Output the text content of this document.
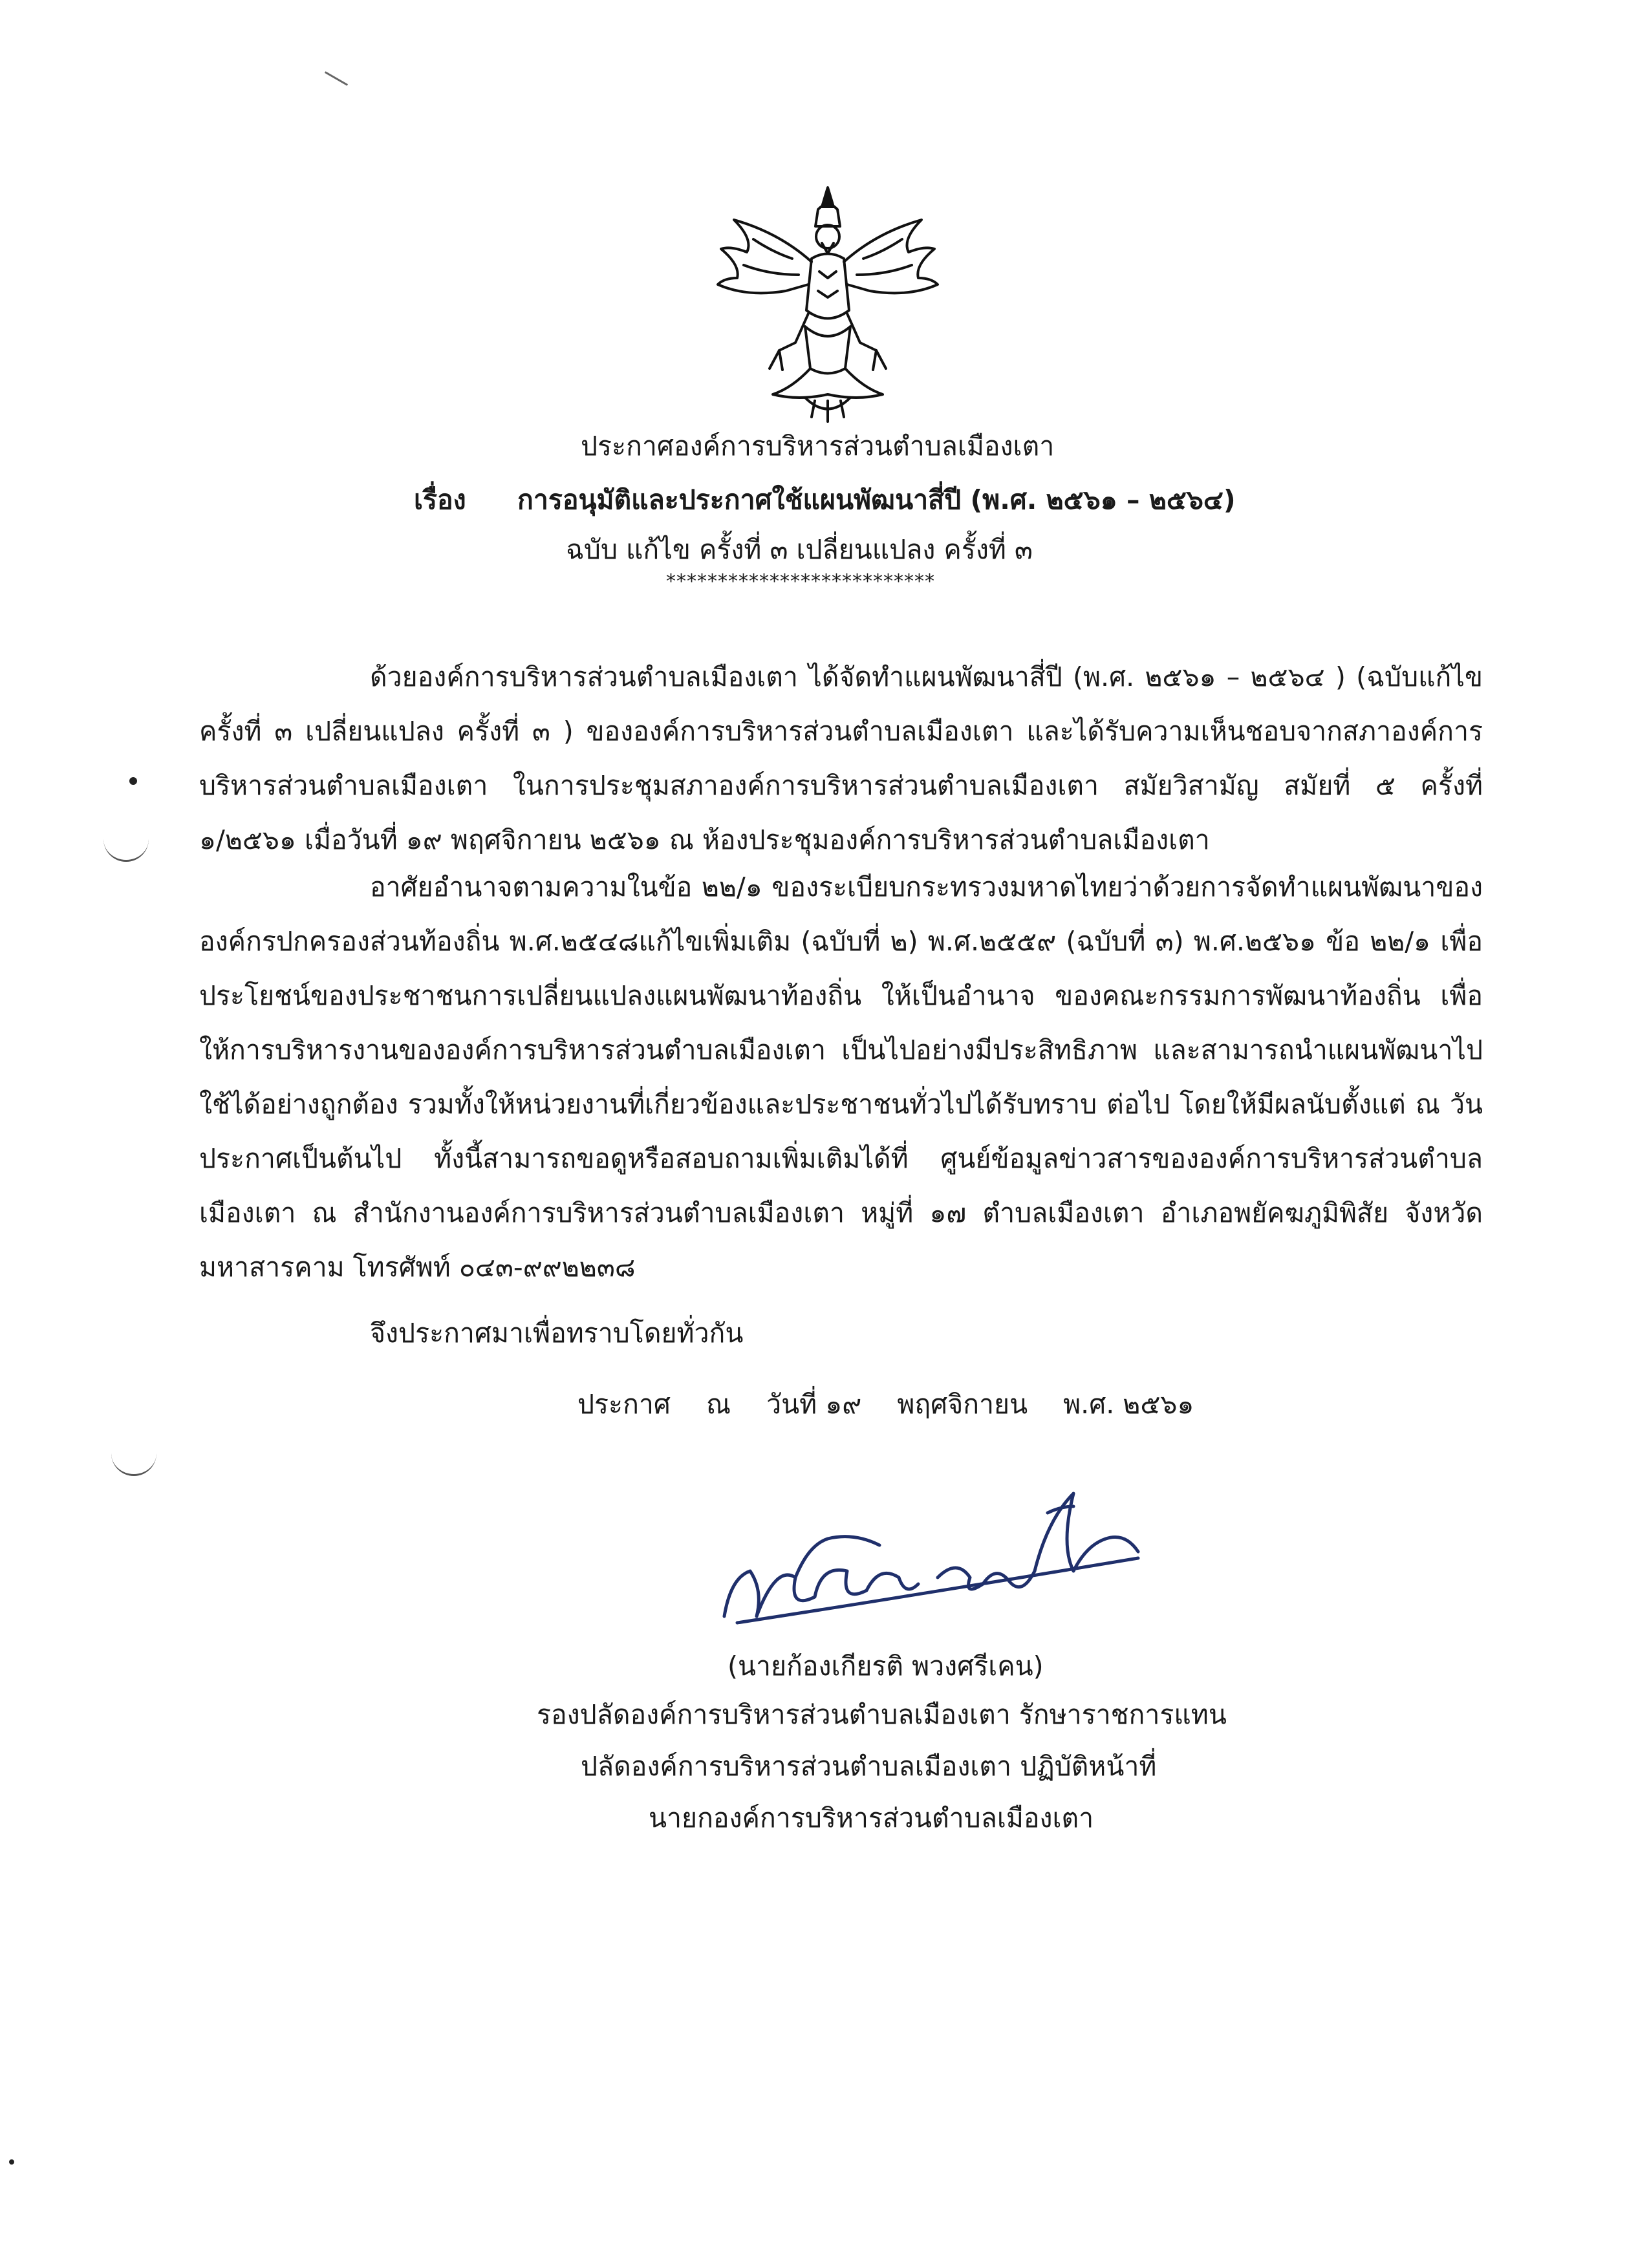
ประกาศองค์การบริหารส่วนตำบลเมืองเตา
เรื่อง การอนุมัติและประกาศใช้แผนพัฒนาสี่ปี (พ.ศ. ๒๕๖๑ – ๒๕๖๔)
ฉบับ แก้ไข ครั้งที่ ๓ เปลี่ยนแปลง ครั้งที่ ๓
**************************

ด้วยองค์การบริหารส่วนตำบลเมืองเตา ได้จัดทำแผนพัฒนาสี่ปี (พ.ศ. ๒๕๖๑ – ๒๕๖๔ ) (ฉบับแก้ไข ครั้งที่ ๓ เปลี่ยนแปลง ครั้งที่ ๓ ) ขององค์การบริหารส่วนตำบลเมืองเตา และได้รับความเห็นชอบจากสภาองค์การบริหารส่วนตำบลเมืองเตา ในการประชุมสภาองค์การบริหารส่วนตำบลเมืองเตา สมัยวิสามัญ สมัยที่ ๕ ครั้งที่ ๑/๒๕๖๑ เมื่อวันที่ ๑๙ พฤศจิกายน ๒๕๖๑ ณ ห้องประชุมองค์การบริหารส่วนตำบลเมืองเตา

อาศัยอำนาจตามความในข้อ ๒๒/๑ ของระเบียบกระทรวงมหาดไทยว่าด้วยการจัดทำแผนพัฒนาขององค์กรปกครองส่วนท้องถิ่น พ.ศ.๒๕๔๘แก้ไขเพิ่มเติม (ฉบับที่ ๒) พ.ศ.๒๕๕๙ (ฉบับที่ ๓) พ.ศ.๒๕๖๑ ข้อ ๒๒/๑ เพื่อประโยชน์ของประชาชนการเปลี่ยนแปลงแผนพัฒนาท้องถิ่น ให้เป็นอำนาจ ของคณะกรรมการพัฒนาท้องถิ่น เพื่อให้การบริหารงานขององค์การบริหารส่วนตำบลเมืองเตา เป็นไปอย่างมีประสิทธิภาพ และสามารถนำแผนพัฒนาไปใช้ได้อย่างถูกต้อง รวมทั้งให้หน่วยงานที่เกี่ยวข้องและประชาชนทั่วไปได้รับทราบ ต่อไป โดยให้มีผลนับตั้งแต่ ณ วันประกาศเป็นต้นไป ทั้งนี้สามารถขอดูหรือสอบถามเพิ่มเติมได้ที่ ศูนย์ข้อมูลข่าวสารขององค์การบริหารส่วนตำบลเมืองเตา ณ สำนักงานองค์การบริหารส่วนตำบลเมืองเตา หมู่ที่ ๑๗ ตำบลเมืองเตา อำเภอพยัคฆภูมิพิสัย จังหวัดมหาสารคาม โทรศัพท์ ๐๔๓-๙๙๒๒๓๘

จึงประกาศมาเพื่อทราบโดยทั่วกัน
ประกาศ ณ วันที่ ๑๙ พฤศจิกายน พ.ศ. ๒๕๖๑
(นายก้องเกียรติ พวงศรีเคน)
รองปลัดองค์การบริหารส่วนตำบลเมืองเตา รักษาราชการแทน
ปลัดองค์การบริหารส่วนตำบลเมืองเตา ปฏิบัติหน้าที่
นายกองค์การบริหารส่วนตำบลเมืองเตา
